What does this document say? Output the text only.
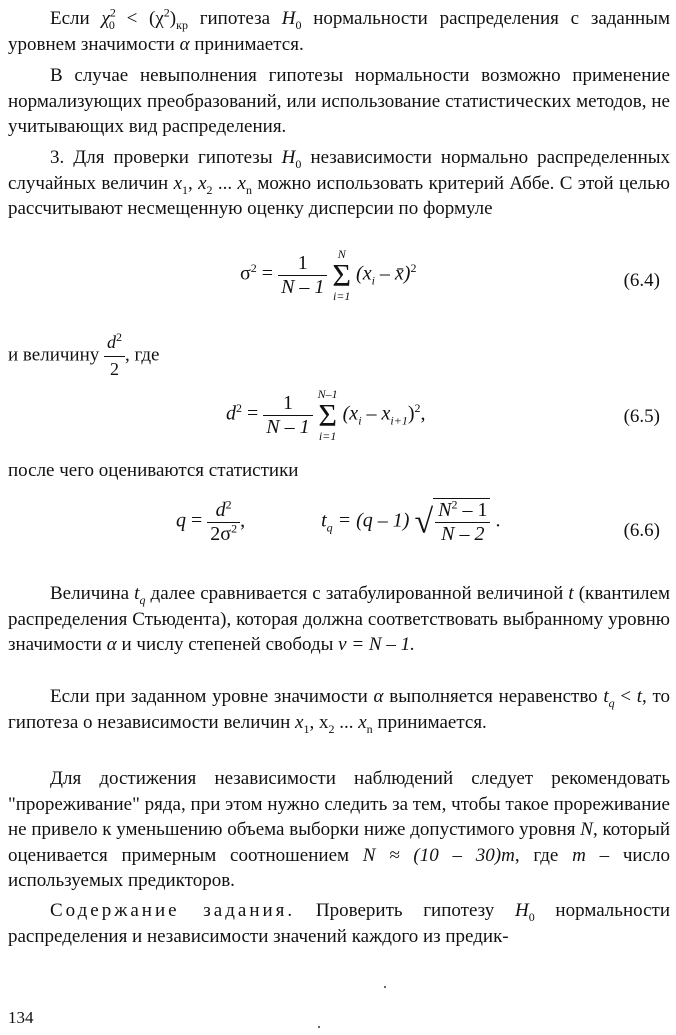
Если $\chi^2_0 < (\chi^2)_{кр}$ гипотеза $H_0$ нормальности распределения с заданным уровнем значимости α принимается.

В случае невыполнения гипотезы нормальности возможно применение нормализующих преобразований, или использование статистических методов, не учитывающих вид распределения.

3. Для проверки гипотезы $H_0$ независимости нормально распределенных случайных величин $x_1$, $x_2$ ... $x_n$ можно использовать критерий Аббе. С этой целью рассчитывают несмещенную оценку дисперсии по формуле

$\sigma^2 = \frac{1}{N - 1}$
N
Σ
i=1
($x_i$ – x̄)$^2$
(6.4)
и величину $\frac{d^2}{2}$ , где
$d^2 = \frac{1}{N - 1}$
N–1
Σ
i=1
$(x_i - x_{i+1})^2$,	(6.5)

после чего оцениваются статистики

$q = \frac{d^2}{2\sigma^2}$ ,	$t_q = (q - 1)$ √ $\frac{N^2 - 1}{N - 2}$ .	(6.6)

Величина $t_q$ далее сравнивается с затабулированной величиной t (квантилем распределения Стьюдента), которая должна соответствовать выбранному уровню значимости α и числу степеней свободы ν = N – 1.

Если при заданном уровне значимости α выполняется неравенство $t_q < t$, то гипотеза о независимости величин $x_1$, $x_2$ ... $x_n$ принимается.

Для достижения независимости наблюдений следует рекомендовать "прореживание" ряда, при этом нужно следить за тем, чтобы такое прореживание не привело к уменьшению объема выборки ниже допустимого уровня N, который оценивается примерным соотношением N ≈ (10 – 30)m, где m – число используемых предикторов.

Содержание задания. Проверить гипотезу $H_0$ нормальности распределения и независимости значений каждого из предик-

134
